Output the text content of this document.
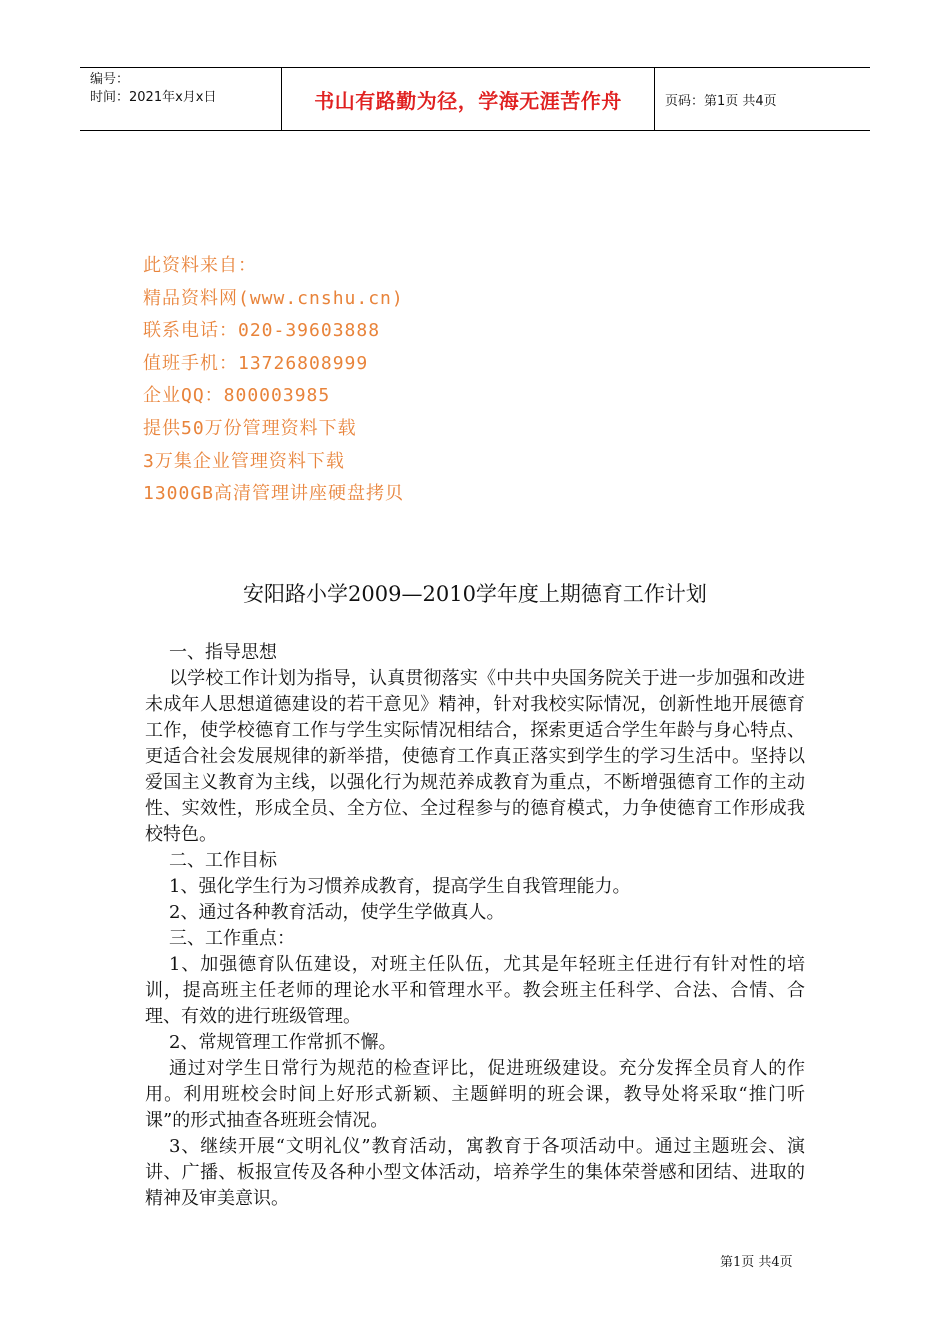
编号：
时间：2021年x月x日	书山有路勤为径，学海无涯苦作舟	页码：第1页 共4页
此资料来自：
精品资料网(www.cnshu.cn)
联系电话：020-39603888
值班手机：13726808999
企业QQ：800003985
提供50万份管理资料下载
3万集企业管理资料下载
1300GB高清管理讲座硬盘拷贝
安阳路小学2009—2010学年度上期德育工作计划

一、指导思想

以学校工作计划为指导，认真贯彻落实《中共中央国务院关于进一步加强和改进未成年人思想道德建设的若干意见》精神，针对我校实际情况，创新性地开展德育工作，使学校德育工作与学生实际情况相结合，探索更适合学生年龄与身心特点、更适合社会发展规律的新举措，使德育工作真正落实到学生的学习生活中。坚持以爱国主义教育为主线，以强化行为规范养成教育为重点，不断增强德育工作的主动性、实效性，形成全员、全方位、全过程参与的德育模式，力争使德育工作形成我校特色。

二、工作目标

1、强化学生行为习惯养成教育，提高学生自我管理能力。

2、通过各种教育活动，使学生学做真人。

三、工作重点：

1、加强德育队伍建设，对班主任队伍，尤其是年轻班主任进行有针对性的培训，提高班主任老师的理论水平和管理水平。教会班主任科学、合法、合情、合理、有效的进行班级管理。

2、常规管理工作常抓不懈。

通过对学生日常行为规范的检查评比，促进班级建设。充分发挥全员育人的作用。利用班校会时间上好形式新颖、主题鲜明的班会课，教导处将采取“推门听课”的形式抽查各班班会情况。

3、继续开展“文明礼仪”教育活动，寓教育于各项活动中。通过主题班会、演讲、广播、板报宣传及各种小型文体活动，培养学生的集体荣誉感和团结、进取的精神及审美意识。

第1页 共4页
